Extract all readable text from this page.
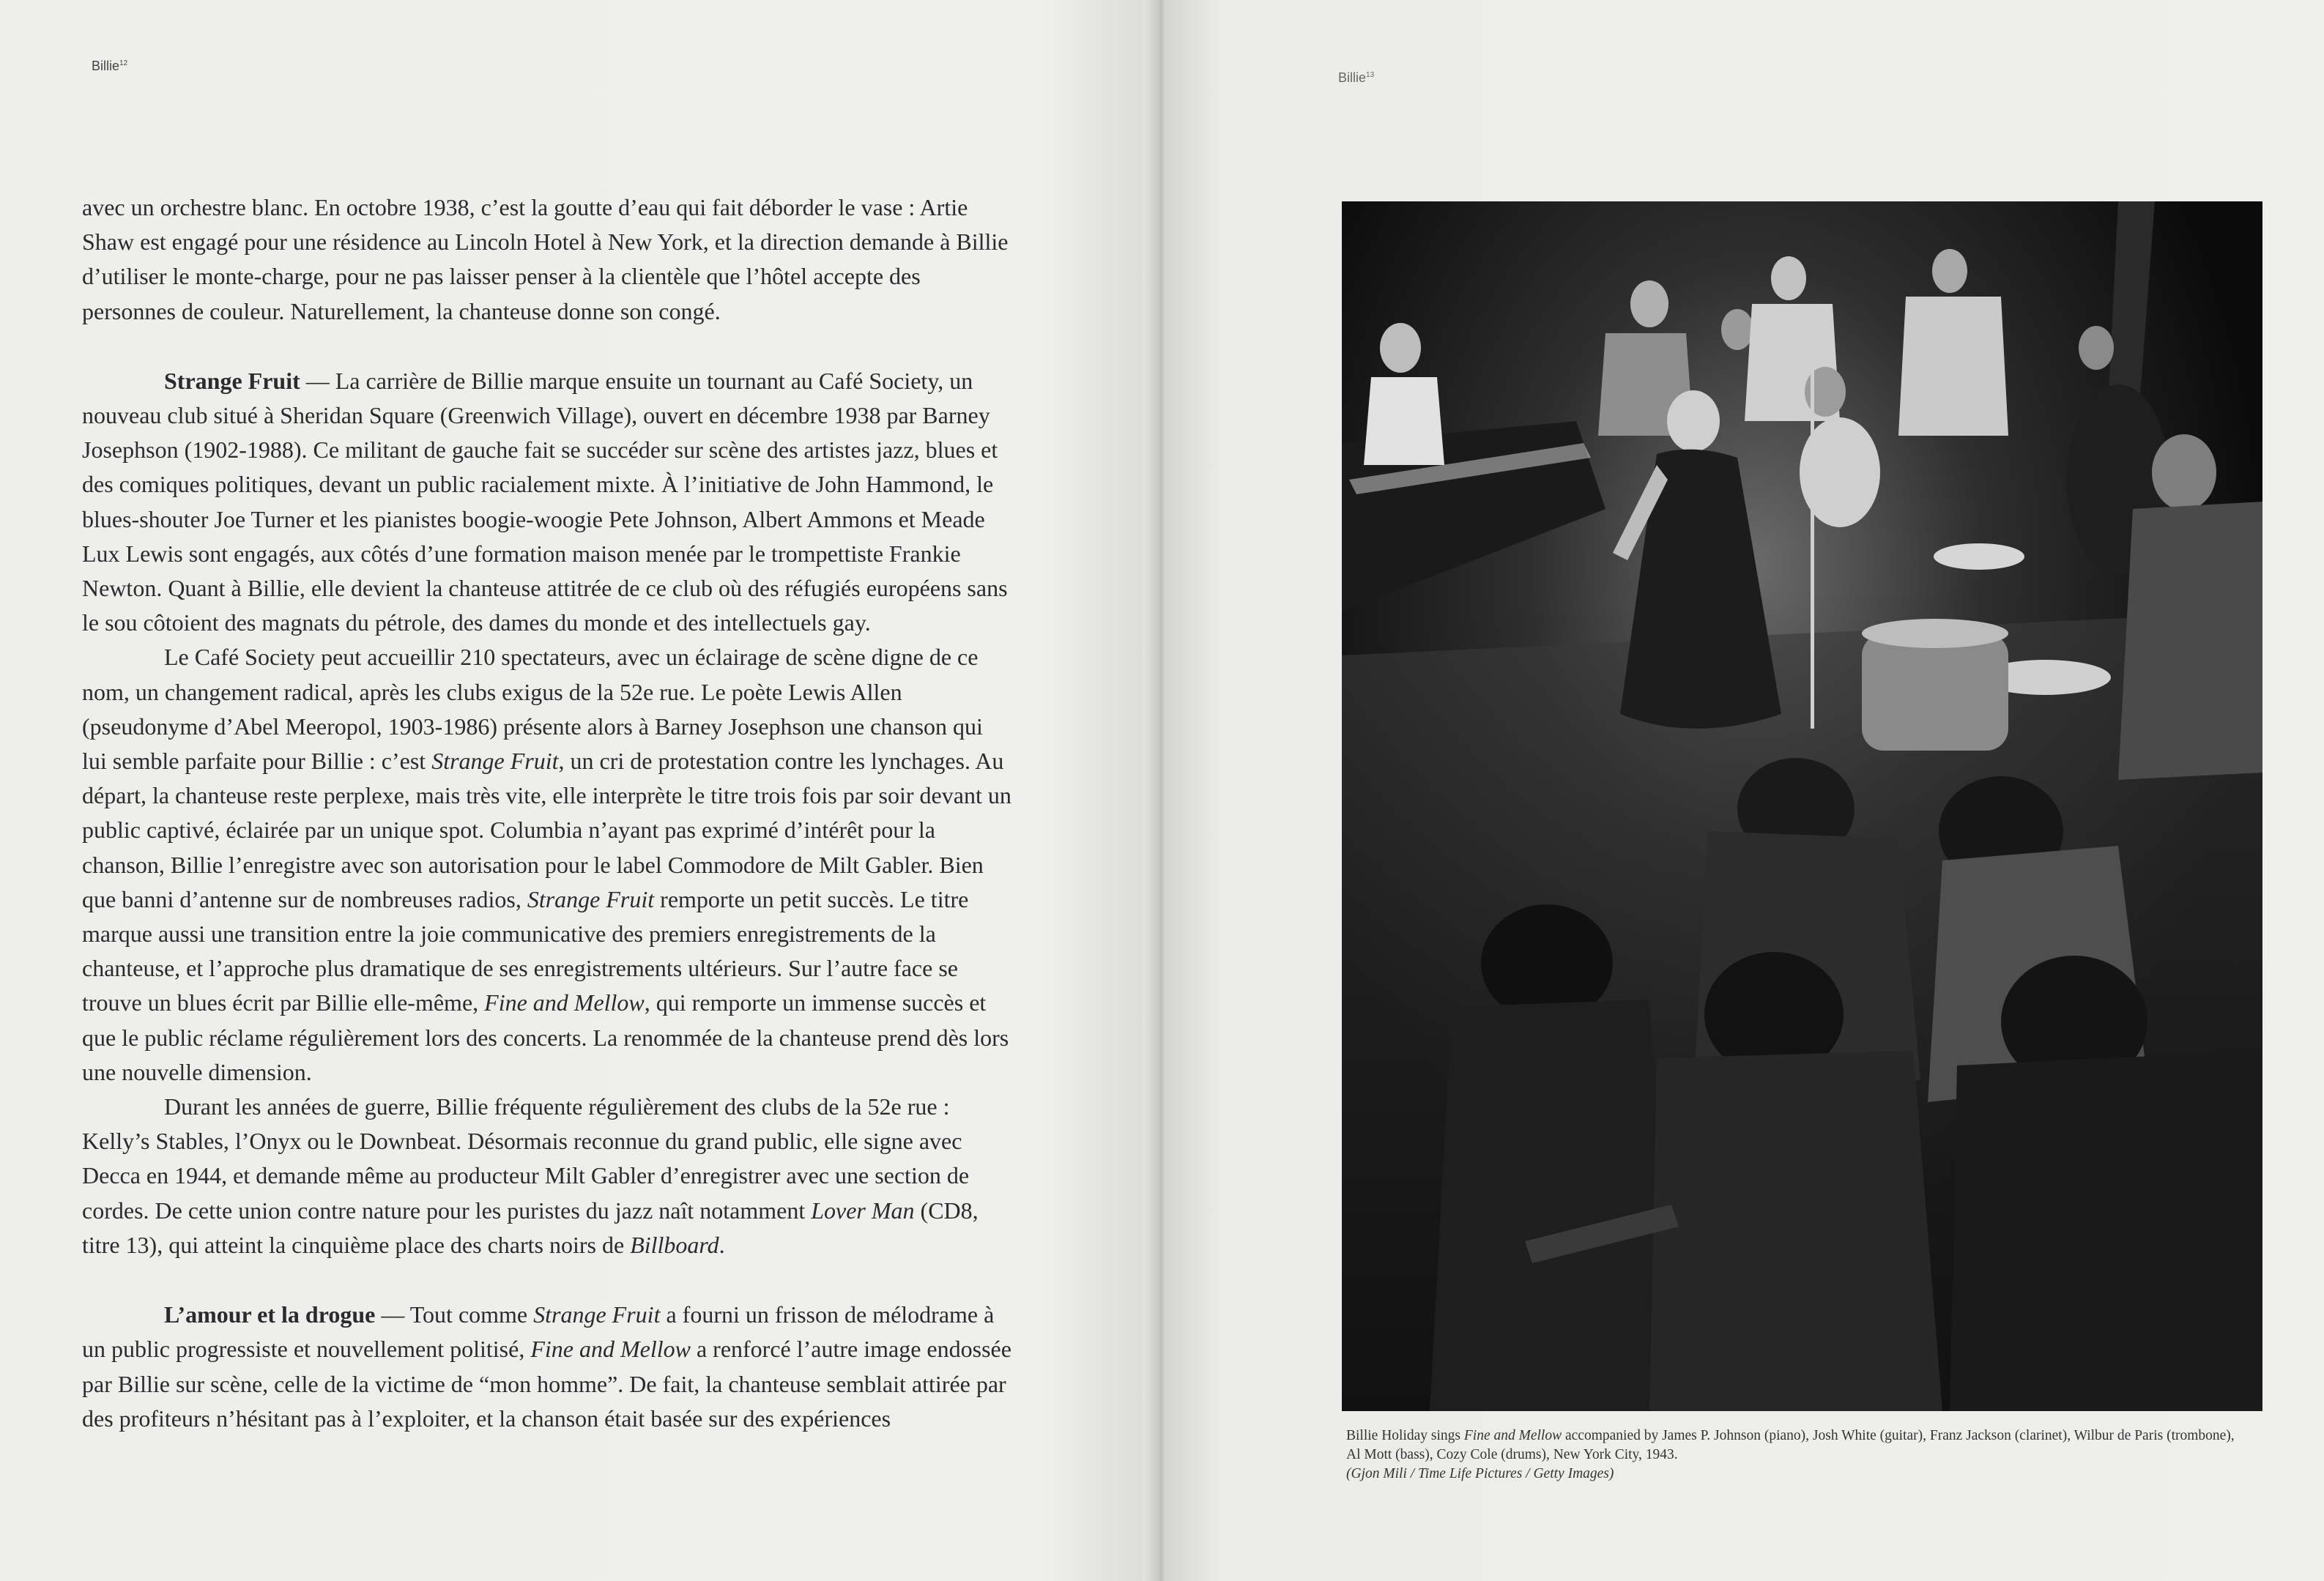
Billie$^{12}$

avec un orchestre blanc. En octobre 1938, c’est la goutte d’eau qui fait déborder le vase : Artie Shaw est engagé pour une résidence au Lincoln Hotel à New York, et la direction demande à Billie d’utiliser le monte-charge, pour ne pas laisser penser à la clientèle que l’hôtel accepte des personnes de couleur. Naturellement, la chanteuse donne son congé.

Strange Fruit — La carrière de Billie marque ensuite un tournant au Café Society, un nouveau club situé à Sheridan Square (Greenwich Village), ouvert en décembre 1938 par Barney Josephson (1902-1988). Ce militant de gauche fait se succéder sur scène des artistes jazz, blues et des comiques politiques, devant un public racialement mixte. À l’initiative de John Hammond, le blues-shouter Joe Turner et les pianistes boogie-woogie Pete Johnson, Albert Ammons et Meade Lux Lewis sont engagés, aux côtés d’une formation maison menée par le trompettiste Frankie Newton. Quant à Billie, elle devient la chanteuse attitrée de ce club où des réfugiés européens sans le sou côtoient des magnats du pétrole, des dames du monde et des intellectuels gay.

Le Café Society peut accueillir 210 spectateurs, avec un éclairage de scène digne de ce nom, un changement radical, après les clubs exigus de la 52e rue. Le poète Lewis Allen (pseudonyme d’Abel Meeropol, 1903-1986) présente alors à Barney Josephson une chanson qui lui semble parfaite pour Billie : c’est Strange Fruit, un cri de protestation contre les lynchages. Au départ, la chanteuse reste perplexe, mais très vite, elle interprète le titre trois fois par soir devant un public captivé, éclairée par un unique spot. Columbia n’ayant pas exprimé d’intérêt pour la chanson, Billie l’enregistre avec son autorisation pour le label Commodore de Milt Gabler. Bien que banni d’antenne sur de nombreuses radios, Strange Fruit remporte un petit succès. Le titre marque aussi une transition entre la joie communicative des premiers enregistrements de la chanteuse, et l’approche plus dramatique de ses enregistrements ultérieurs. Sur l’autre face se trouve un blues écrit par Billie elle-même, Fine and Mellow, qui remporte un immense succès et que le public réclame régulièrement lors des concerts. La renommée de la chanteuse prend dès lors une nouvelle dimension.

Durant les années de guerre, Billie fréquente régulièrement des clubs de la 52e rue : Kelly’s Stables, l’Onyx ou le Downbeat. Désormais reconnue du grand public, elle signe avec Decca en 1944, et demande même au producteur Milt Gabler d’enregistrer avec une section de cordes. De cette union contre nature pour les puristes du jazz naît notamment Lover Man (CD8, titre 13), qui atteint la cinquième place des charts noirs de Billboard.

L’amour et la drogue — Tout comme Strange Fruit a fourni un frisson de mélodrame à un public progressiste et nouvellement politisé, Fine and Mellow a renforcé l’autre image endossée par Billie sur scène, celle de la victime de “mon homme”. De fait, la chanteuse semblait attirée par des profiteurs n’hésitant pas à l’exploiter, et la chanson était basée sur des expériences

Billie$^{13}$
Billie Holiday sings Fine and Mellow accompanied by James P. Johnson (piano), Josh White (guitar), Franz Jackson (clarinet), Wilbur de Paris (trombone), Al Mott (bass), Cozy Cole (drums), New York City, 1943.
(Gjon Mili / Time Life Pictures / Getty Images)
